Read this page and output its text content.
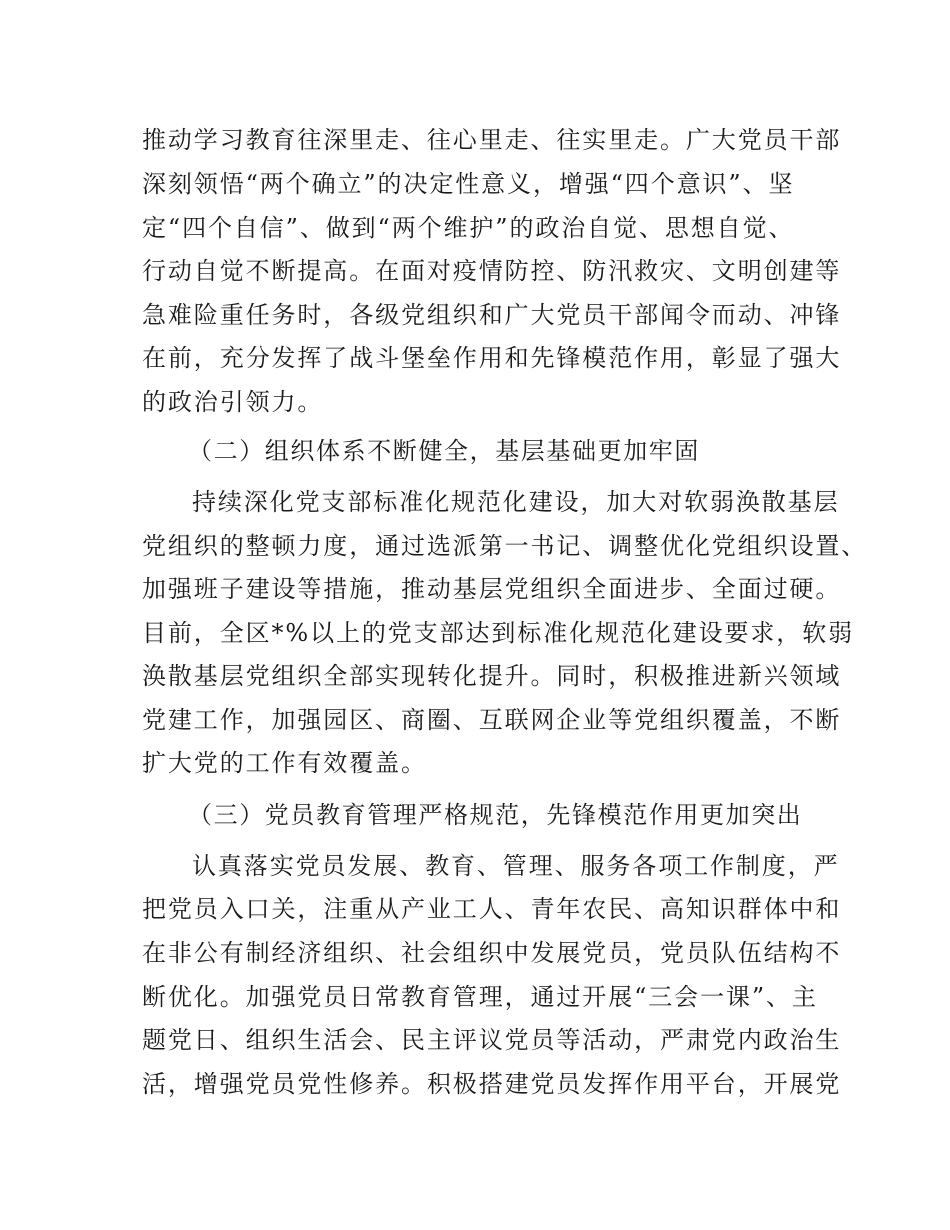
推动学习教育往深里走、往心里走、往实里走。广大党员干部
深刻领悟“两个确立”的决定性意义，增强“四个意识”、坚
定“四个自信”、做到“两个维护”的政治自觉、思想自觉、
行动自觉不断提高。在面对疫情防控、防汛救灾、文明创建等
急难险重任务时，各级党组织和广大党员干部闻令而动、冲锋
在前，充分发挥了战斗堡垒作用和先锋模范作用，彰显了强大
的政治引领力。
（二）组织体系不断健全，基层基础更加牢固
持续深化党支部标准化规范化建设，加大对软弱涣散基层
党组织的整顿力度，通过选派第一书记、调整优化党组织设置、
加强班子建设等措施，推动基层党组织全面进步、全面过硬。
目前，全区*%以上的党支部达到标准化规范化建设要求，软弱
涣散基层党组织全部实现转化提升。同时，积极推进新兴领域
党建工作，加强园区、商圈、互联网企业等党组织覆盖，不断
扩大党的工作有效覆盖。
（三）党员教育管理严格规范，先锋模范作用更加突出
认真落实党员发展、教育、管理、服务各项工作制度，严
把党员入口关，注重从产业工人、青年农民、高知识群体中和
在非公有制经济组织、社会组织中发展党员，党员队伍结构不
断优化。加强党员日常教育管理，通过开展“三会一课”、主
题党日、组织生活会、民主评议党员等活动，严肃党内政治生
活，增强党员党性修养。积极搭建党员发挥作用平台，开展党
